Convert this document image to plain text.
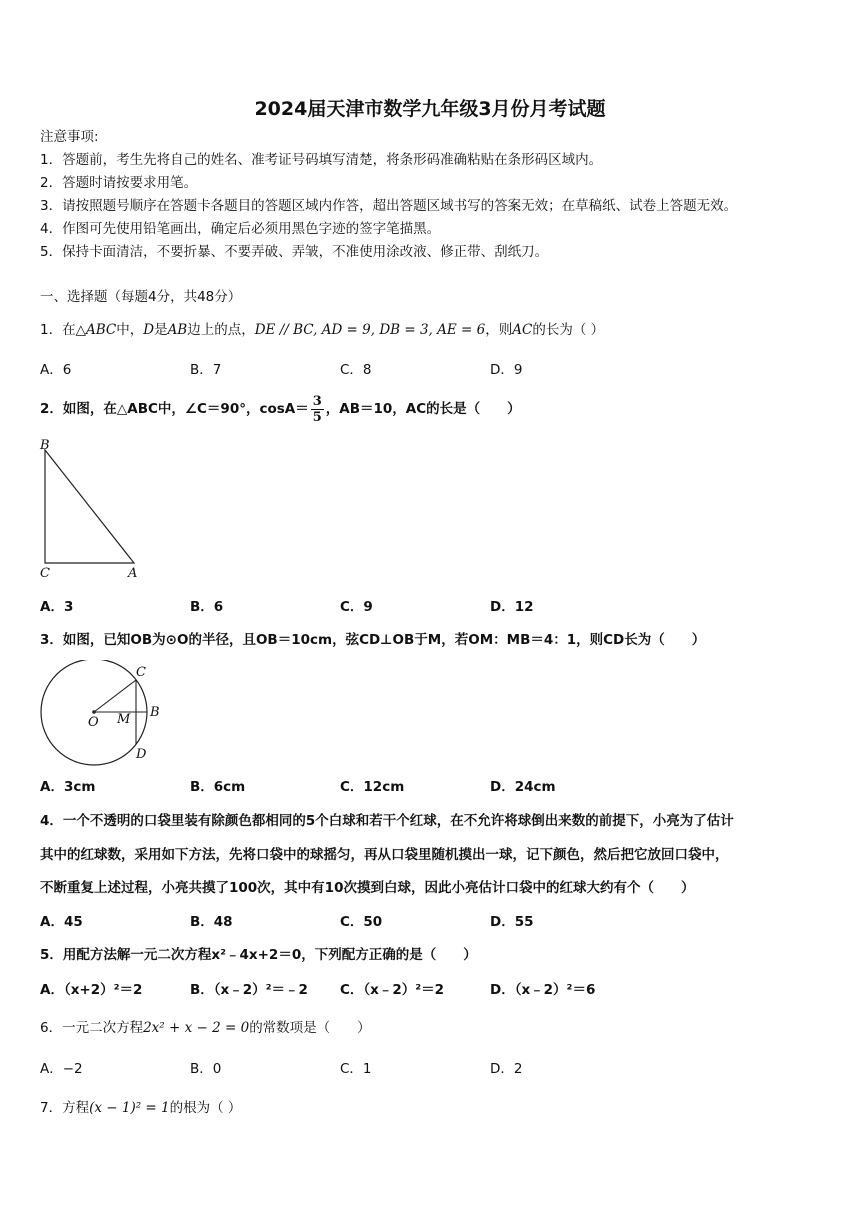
2024届天津市数学九年级3月份月考试题
注意事项:
1．答题前，考生先将自己的姓名、准考证号码填写清楚，将条形码准确粘贴在条形码区域内。
2．答题时请按要求用笔。
3．请按照题号顺序在答题卡各题目的答题区域内作答，超出答题区域书写的答案无效；在草稿纸、试卷上答题无效。
4．作图可先使用铅笔画出，确定后必须用黑色字迹的签字笔描黑。
5．保持卡面清洁，不要折暴、不要弄破、弄皱，不准使用涂改液、修正带、刮纸刀。
一、选择题（每题4分，共48分）
1．在△ABC中，D是AB边上的点，DE // BC, AD = 9, DB = 3, AE = 6，则AC的长为（ ）
A．6	B．7	C．8	D．9
2．如图，在△ABC中，∠C＝90°，$\cos A= \frac{3}{5}$ ，AB＝10，AC的长是（　　）
B
C	A
A．3	B．6	C．9	D．12
3．如图，已知OB为⊙O的半径，且OB＝10cm，弦CD⊥OB于M，若OM：MB＝4：1，则CD长为（　　）
O M B
C
D
A．3cm	B．6cm	C．12cm	D．24cm
4．一个不透明的口袋里装有除颜色都相同的5个白球和若干个红球，在不允许将球倒出来数的前提下，小亮为了估计
其中的红球数，采用如下方法，先将口袋中的球摇匀，再从口袋里随机摸出一球，记下颜色，然后把它放回口袋中，
不断重复上述过程，小亮共摸了100次，其中有10次摸到白球，因此小亮估计口袋中的红球大约有个（　　）
A．45	B．48	C．50	D．55
5．用配方法解一元二次方程x²﹣4x+2＝0，下列配方正确的是（　　）
A．（x+2）²＝2	B．（x﹣2）²＝﹣2 C．（x﹣2）²＝2	D．（x﹣2）²＝6
6．一元二次方程2x² + x − 2 = 0的常数项是（　　）
A．−2	B．0	C．1	D．2
7．方程(x − 1)² = 1的根为（ ）
